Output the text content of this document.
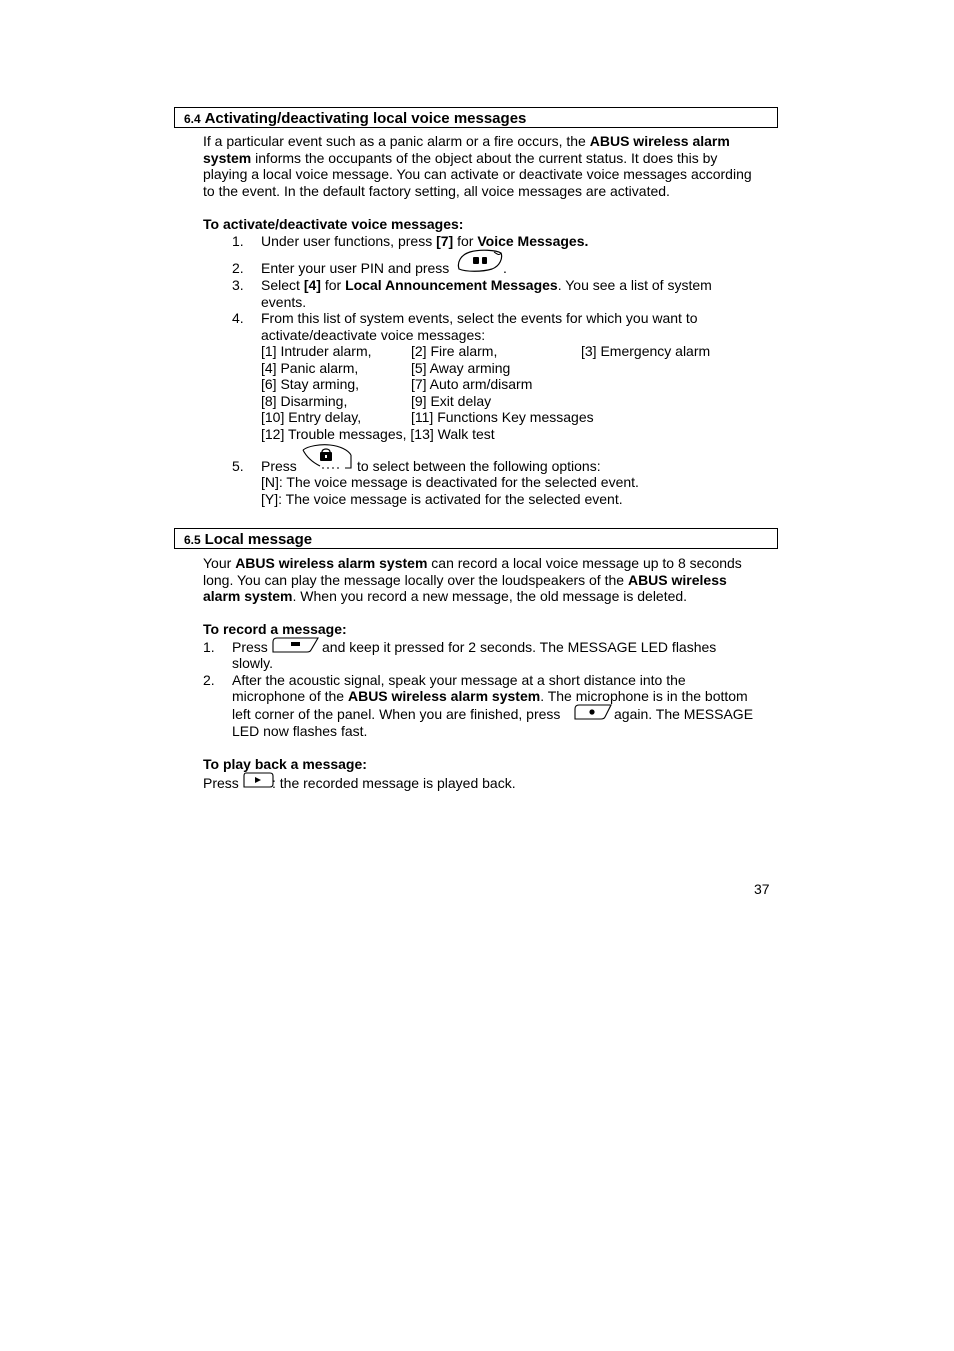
6.4 Activating/deactivating local voice messages
If a particular event such as a panic alarm or a fire occurs, the ABUS wireless alarm
system informs the occupants of the object about the current status. It does this by
playing a local voice message. You can activate or deactivate voice messages according
to the event. In the default factory setting, all voice messages are activated.
To activate/deactivate voice messages:
1. Under user functions, press [7] for Voice Messages.
2. Enter your user PIN and press	.
3. Select [4] for Local Announcement Messages. You see a list of system
events.
4. From this list of system events, select the events for which you want to
activate/deactivate voice messages:
[1] Intruder alarm,	[2] Fire alarm,	[3] Emergency alarm
[4] Panic alarm,	[5] Away arming
[6] Stay arming,	[7] Auto arm/disarm
[8] Disarming,	[9] Exit delay
[10] Entry delay,	[11] Functions Key messages
[12] Trouble messages, [13] Walk test
5. Press	to select between the following options:
[N]: The voice message is deactivated for the selected event.
[Y]: The voice message is activated for the selected event.
6.5 Local message
Your ABUS wireless alarm system can record a local voice message up to 8 seconds
long. You can play the message locally over the loudspeakers of the ABUS wireless
alarm system. When you record a new message, the old message is deleted.
To record a message:
1. Press	and keep it pressed for 2 seconds. The MESSAGE LED flashes
slowly.
2. After the acoustic signal, speak your message at a short distance into the
microphone of the ABUS wireless alarm system. The microphone is in the bottom
left corner of the panel. When you are finished, press	again. The MESSAGE
LED now flashes fast.
To play back a message:
Press : the recorded message is played back.
37
